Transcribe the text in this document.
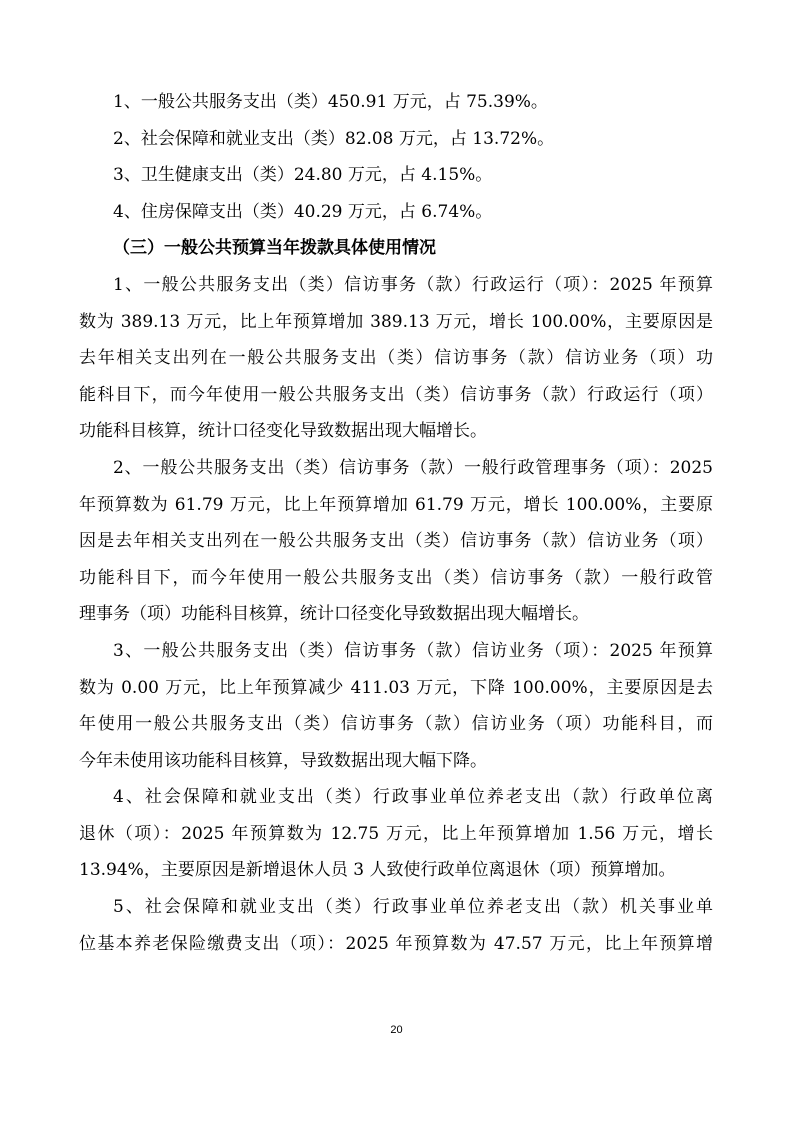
1、一般公共服务支出（类）450.91 万元，占 75.39%。
2、社会保障和就业支出（类）82.08 万元，占 13.72%。
3、卫生健康支出（类）24.80 万元，占 4.15%。
4、住房保障支出（类）40.29 万元，占 6.74%。
（三）一般公共预算当年拨款具体使用情况
1、一般公共服务支出（类）信访事务（款）行政运行（项）：2025 年预算
数为 389.13 万元，比上年预算增加 389.13 万元，增长 100.00%，主要原因是
去年相关支出列在一般公共服务支出（类）信访事务（款）信访业务（项）功
能科目下，而今年使用一般公共服务支出（类）信访事务（款）行政运行（项）
功能科目核算，统计口径变化导致数据出现大幅增长。
2、一般公共服务支出（类）信访事务（款）一般行政管理事务（项）：2025
年预算数为 61.79 万元，比上年预算增加 61.79 万元，增长 100.00%，主要原
因是去年相关支出列在一般公共服务支出（类）信访事务（款）信访业务（项）
功能科目下，而今年使用一般公共服务支出（类）信访事务（款）一般行政管
理事务（项）功能科目核算，统计口径变化导致数据出现大幅增长。
3、一般公共服务支出（类）信访事务（款）信访业务（项）：2025 年预算
数为 0.00 万元，比上年预算减少 411.03 万元，下降 100.00%，主要原因是去
年使用一般公共服务支出（类）信访事务（款）信访业务（项）功能科目，而
今年未使用该功能科目核算，导致数据出现大幅下降。
4、社会保障和就业支出（类）行政事业单位养老支出（款）行政单位离
退休（项）：2025 年预算数为 12.75 万元，比上年预算增加 1.56 万元，增长
13.94%，主要原因是新增退休人员 3 人致使行政单位离退休（项）预算增加。
5、社会保障和就业支出（类）行政事业单位养老支出（款）机关事业单
位基本养老保险缴费支出（项）：2025 年预算数为 47.57 万元，比上年预算增
20
